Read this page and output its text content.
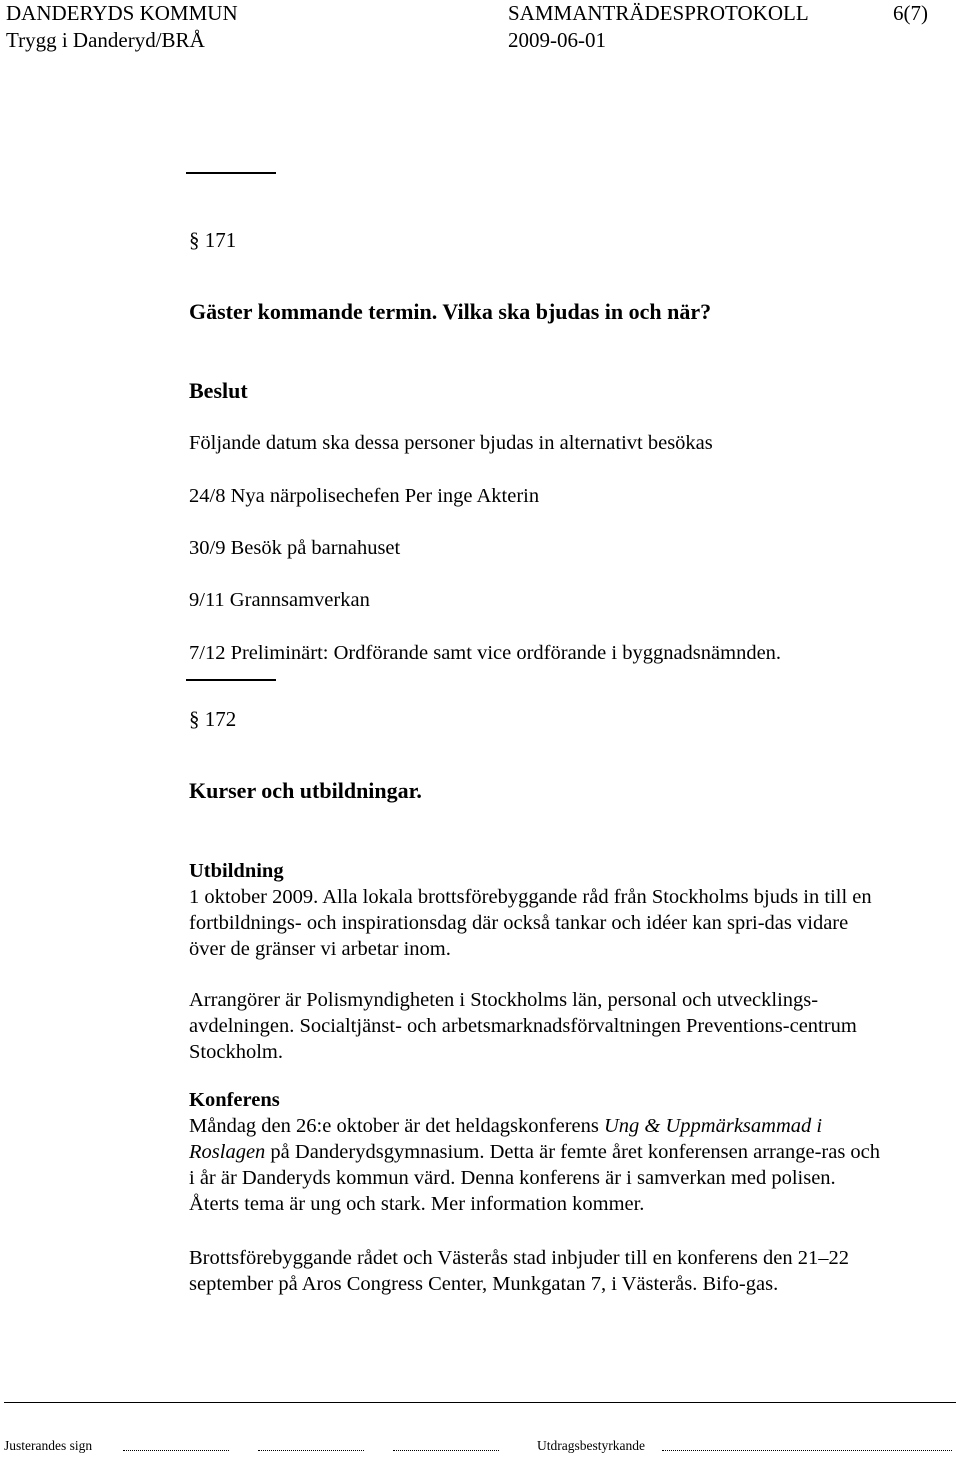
DANDERYDS KOMMUN	SAMMANTRÄDESPROTOKOLL	6(7)
Trygg i Danderyd/BRÅ	2009-06-01
§ 171
Gäster kommande termin. Vilka ska bjudas in och när?
Beslut
Följande datum ska dessa personer bjudas in alternativt besökas
24/8 Nya närpolisechefen Per inge Akterin
30/9 Besök på barnahuset
9/11 Grannsamverkan
7/12 Preliminärt: Ordförande samt vice ordförande i byggnadsnämnden.
§ 172
Kurser och utbildningar.
Utbildning

1 oktober 2009. Alla lokala brottsförebyggande råd från Stockholms bjuds in till en fortbildnings- och inspirationsdag där också tankar och idéer kan spri-das vidare över de gränser vi arbetar inom.

Arrangörer är Polismyndigheten i Stockholms län, personal och utvecklings-avdelningen. Socialtjänst- och arbetsmarknadsförvaltningen Preventions-centrum Stockholm.

Konferens

Måndag den 26:e oktober är det heldagskonferens Ung & Uppmärksammad i Roslagen på Danderydsgymnasium. Detta är femte året konferensen arrange-ras och i år är Danderyds kommun värd. Denna konferens är i samverkan med polisen. Återts tema är ung och stark. Mer information kommer.

Brottsförebyggande rådet och Västerås stad inbjuder till en konferens den 21–22 september på Aros Congress Center, Munkgatan 7, i Västerås. Bifo-gas.

Justerandes sign	Utdragsbestyrkande
